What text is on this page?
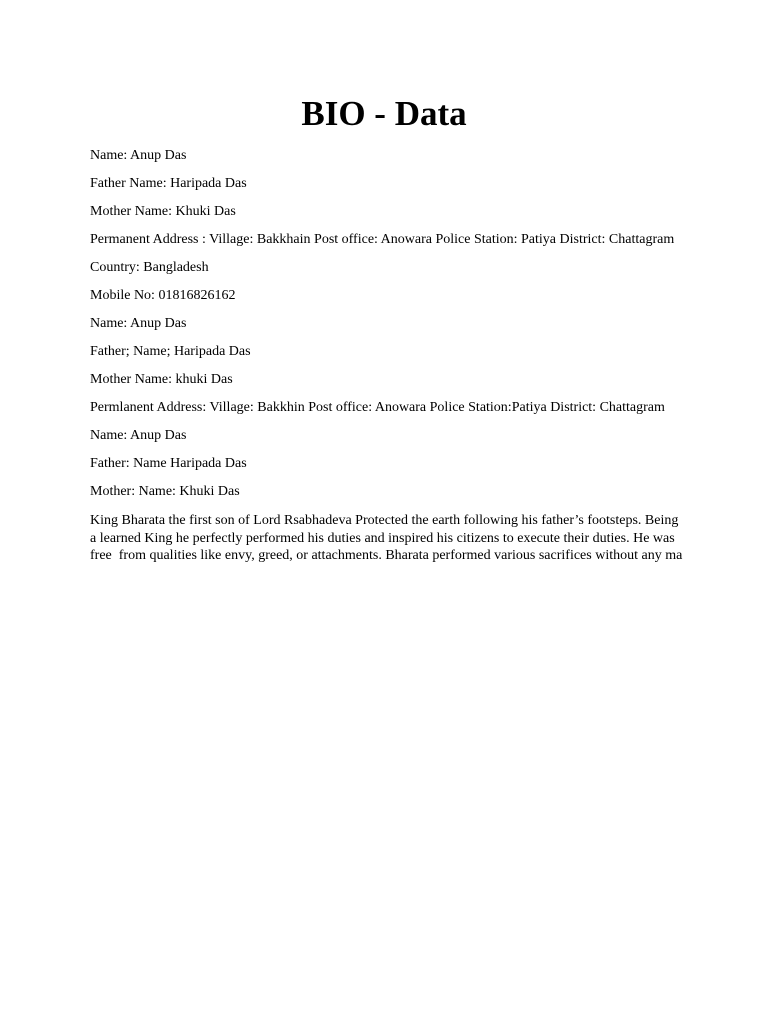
BIO - Data
Name: Anup Das
Father Name: Haripada Das
Mother Name: Khuki Das
Permanent Address : Village: Bakkhain Post office: Anowara Police Station: Patiya District: Chattagram
Country: Bangladesh
Mobile No: 01816826162
Name: Anup Das
Father; Name; Haripada Das
Mother Name: khuki Das
Permlanent Address: Village: Bakkhin Post office: Anowara Police Station:Patiya District: Chattagram
Name: Anup Das
Father: Name Haripada Das
Mother: Name: Khuki Das
King Bharata the first son of Lord Rsabhadeva Protected the earth following his father’s footsteps. Being
a learned King he perfectly performed his duties and inspired his citizens to execute their duties. He was
free  from qualities like envy, greed, or attachments. Bharata performed various sacrifices without any ma
